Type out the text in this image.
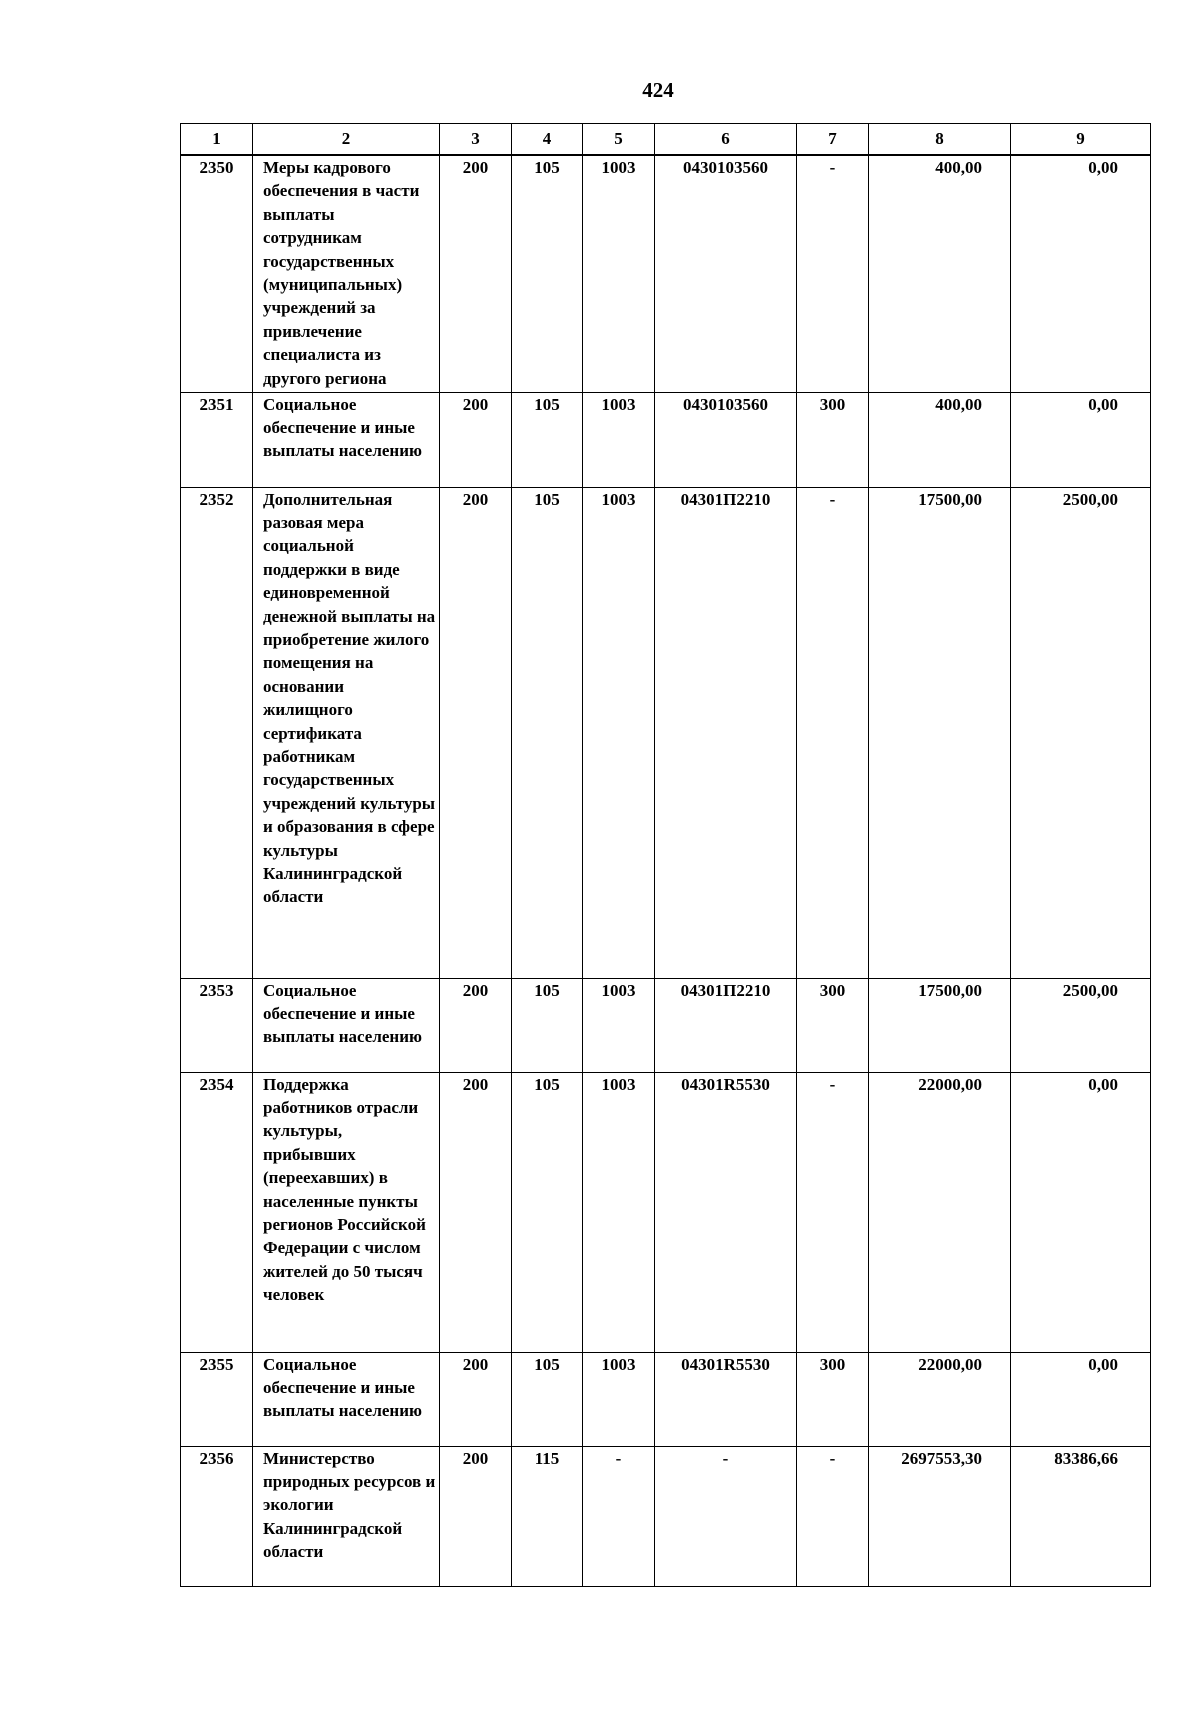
424
1	2	3	4	5	6	7	8	9
2350	Меры кадрового обеспечения в части выплаты сотрудникам государственных (муниципальных) учреждений за привлечение специалиста из другого региона	200	105	1003	0430103560	-	400,00	0,00
2351	Социальное обеспечение и иные выплаты населению	200	105	1003	0430103560	300	400,00	0,00
2352	Дополнительная разовая мера социальной поддержки в виде единовременной денежной выплаты на приобретение жилого помещения на основании жилищного сертификата работникам государственных учреждений культуры и образования в сфере культуры Калининградской области	200	105	1003	04301П2210	-	17500,00	2500,00
2353	Социальное обеспечение и иные выплаты населению	200	105	1003	04301П2210	300	17500,00	2500,00
2354	Поддержка работников отрасли культуры, прибывших (переехавших) в населенные пункты регионов Российской Федерации с числом жителей до 50 тысяч человек	200	105	1003	04301R5530	-	22000,00	0,00
2355	Социальное обеспечение и иные выплаты населению	200	105	1003	04301R5530	300	22000,00	0,00
2356	Министерство природных ресурсов и экологии Калининградской области	200	115	-	-	-	2697553,30	83386,66
